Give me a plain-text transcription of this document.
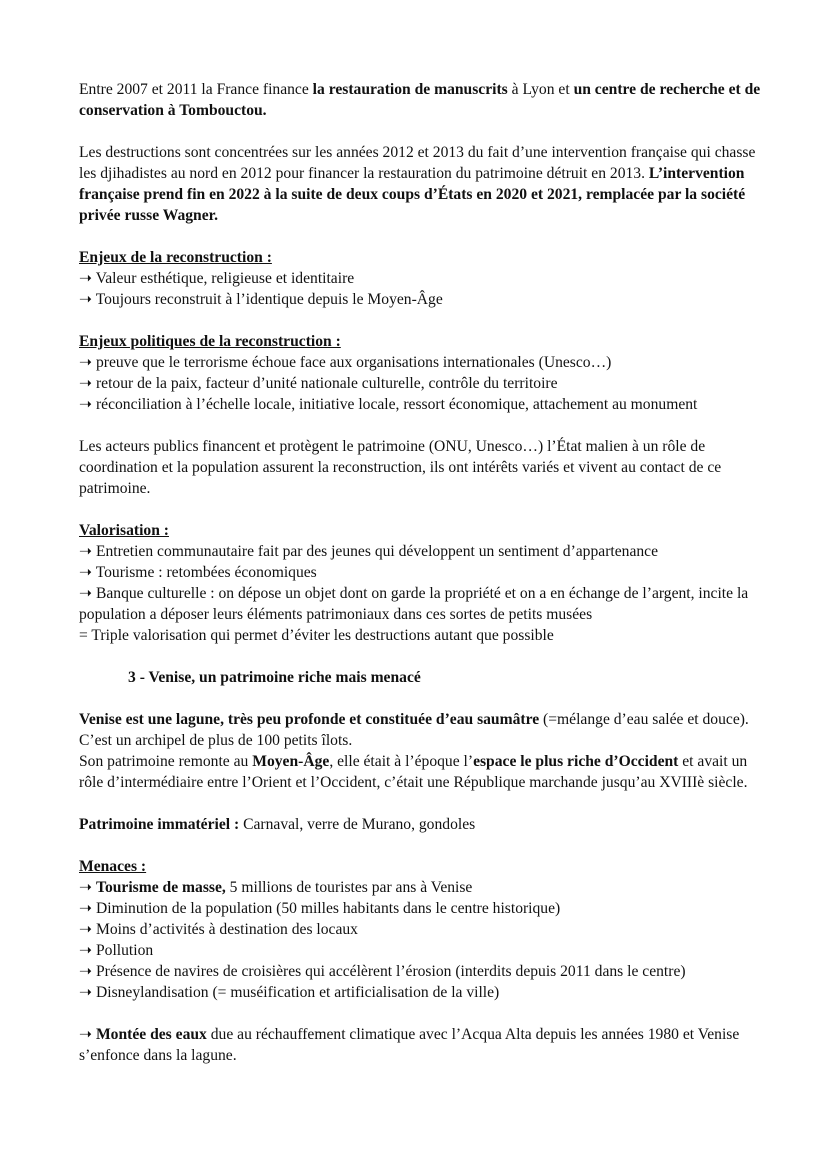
Entre 2007 et 2011 la France finance la restauration de manuscrits à Lyon et un centre de recherche et de conservation à Tombouctou.

Les destructions sont concentrées sur les années 2012 et 2013 du fait d’une intervention française qui chasse les djihadistes au nord en 2012 pour financer la restauration du patrimoine détruit en 2013. L’intervention française prend fin en 2022 à la suite de deux coups d’États en 2020 et 2021, remplacée par la société privée russe Wagner.

Enjeux de la reconstruction :
➝ Valeur esthétique, religieuse et identitaire
➝ Toujours reconstruit à l’identique depuis le Moyen-Âge
Enjeux politiques de la reconstruction :
➝ preuve que le terrorisme échoue face aux organisations internationales (Unesco…)
➝ retour de la paix, facteur d’unité nationale culturelle, contrôle du territoire
➝ réconciliation à l’échelle locale, initiative locale, ressort économique, attachement au monument

Les acteurs publics financent et protègent le patrimoine (ONU, Unesco…) l’État malien à un rôle de coordination et la population assurent la reconstruction, ils ont intérêts variés et vivent au contact de ce patrimoine.

Valorisation :
➝ Entretien communautaire fait par des jeunes qui développent un sentiment d’appartenance
➝ Tourisme : retombées économiques
➝ Banque culturelle : on dépose un objet dont on garde la propriété et on a en échange de l’argent, incite la population a déposer leurs éléments patrimoniaux dans ces sortes de petits musées
= Triple valorisation qui permet d’éviter les destructions autant que possible

3 - Venise, un patrimoine riche mais menacé

Venise est une lagune, très peu profonde et constituée d’eau saumâtre (=mélange d’eau salée et douce). C’est un archipel de plus de 100 petits îlots.

Son patrimoine remonte au Moyen-Âge, elle était à l’époque l’espace le plus riche d’Occident et avait un rôle d’intermédiaire entre l’Orient et l’Occident, c’était une République marchande jusqu’au XVIIIè siècle.

Patrimoine immatériel : Carnaval, verre de Murano, gondoles

Menaces :
➝ Tourisme de masse, 5 millions de touristes par ans à Venise
➝ Diminution de la population (50 milles habitants dans le centre historique)
➝ Moins d’activités à destination des locaux
➝ Pollution
➝ Présence de navires de croisières qui accélèrent l’érosion (interdits depuis 2011 dans le centre)
➝ Disneylandisation (= muséification et artificialisation de la ville)

➝ Montée des eaux due au réchauffement climatique avec l’Acqua Alta depuis les années 1980 et Venise s’enfonce dans la lagune.
